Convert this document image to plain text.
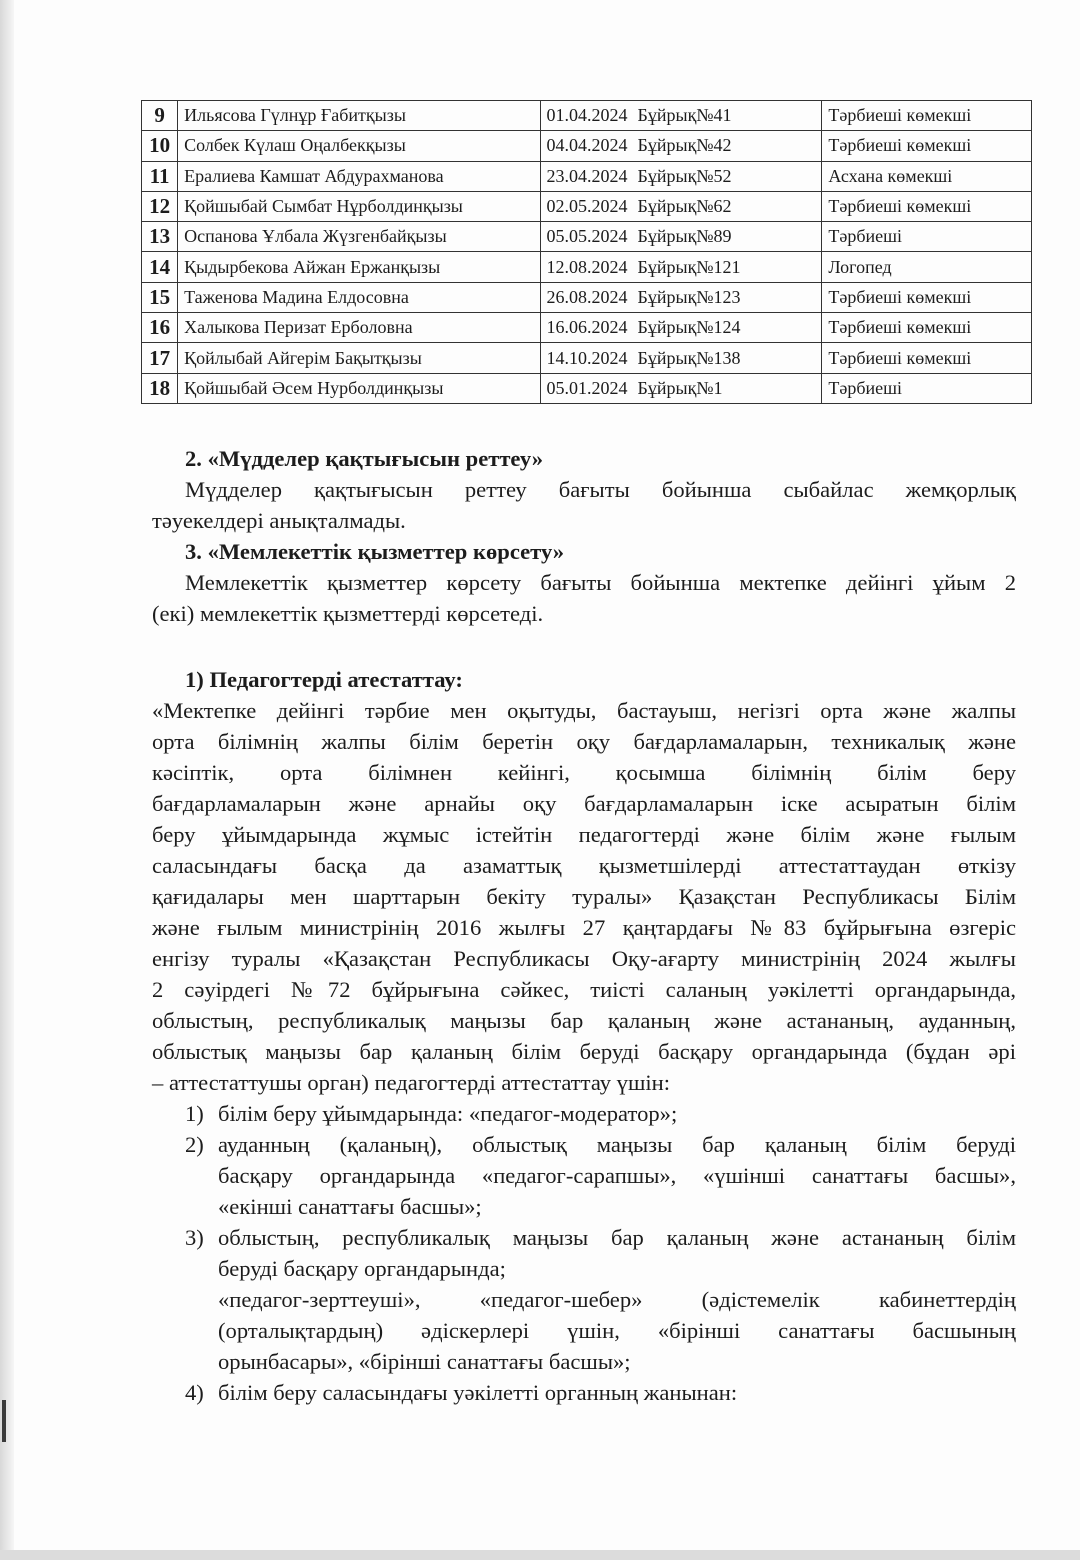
9	Ильясова Гүлнұр Ғабитқызы	01.04.2024 Бұйрық№41	Тәрбиеші көмекші
10	Солбек Күлаш Оңалбекқызы	04.04.2024 Бұйрық№42	Тәрбиеші көмекші
11	Ералиева Камшат Абдурахманова	23.04.2024 Бұйрық№52	Асхана көмекші
12	Қойшыбай Сымбат Нұрболдинқызы	02.05.2024 Бұйрық№62	Тәрбиеші көмекші
13	Оспанова Ұлбала Жүзгенбайқызы	05.05.2024 Бұйрық№89	Тәрбиеші
14	Қыдырбекова Айжан Ержанқызы	12.08.2024 Бұйрық№121	Логопед
15	Таженова Мадина Елдосовна	26.08.2024 Бұйрық№123	Тәрбиеші көмекші
16	Халыкова Перизат Ерболовна	16.06.2024 Бұйрық№124	Тәрбиеші көмекші
17	Қойлыбай Айгерім Бақытқызы	14.10.2024 Бұйрық№138	Тәрбиеші көмекші
18	Қойшыбай Әсем Нурболдинқызы	05.01.2024 Бұйрық№1	Тәрбиеші
2. «Мүдделер қақтығысын реттеу»
Мүдделер қақтығысын реттеу бағыты бойынша сыбайлас жемқорлық
тәуекелдері анықталмады.
3. «Мемлекеттік қызметтер көрсету»
Мемлекеттік қызметтер көрсету бағыты бойынша мектепке дейінгі ұйым 2
(екі) мемлекеттік қызметтерді көрсетеді.
1) Педагогтерді атестаттау:
«Мектепке дейінгі тәрбие мен оқытуды, бастауыш, негізгі орта және жалпы
орта білімнің жалпы білім беретін оқу бағдарламаларын, техникалық және
кәсіптік, орта білімнен кейінгі, қосымша білімнің білім беру
бағдарламаларын және арнайы оқу бағдарламаларын іске асыратын білім
беру ұйымдарында жұмыс істейтін педагогтерді және білім және ғылым
саласындағы басқа да азаматтық қызметшілерді аттестаттаудан өткізу
қағидалары мен шарттарын бекіту туралы» Қазақстан Республикасы Білім
және ғылым министрінің 2016 жылғы 27 қаңтардағы №83 бұйрығына өзгеріс
енгізу туралы «Қазақстан Республикасы Оқу-ағарту министрінің 2024 жылғы
2 сәуірдегі №72 бұйрығына сәйкес, тиісті саланың уәкілетті органдарында,
облыстың, республикалық маңызы бар қаланың және астананың, ауданның,
облыстық маңызы бар қаланың білім беруді басқару органдарында (бұдан әрі
– аттестаттушы орган) педагогтерді аттестаттау үшін:
1) білім беру ұйымдарында: «педагог-модератор»;
2) ауданның (қаланың), облыстық маңызы бар қаланың білім беруді
басқару органдарында «педагог-сарапшы», «үшінші санаттағы басшы»,
«екінші санаттағы басшы»;
3) облыстың, республикалық маңызы бар қаланың және астананың білім
беруді басқару органдарында;
«педагог-зерттеуші», «педагог-шебер» (әдістемелік кабинеттердің
(орталықтардың) әдіскерлері үшін, «бірінші санаттағы басшының
орынбасары», «бірінші санаттағы басшы»;
4) білім беру саласындағы уәкілетті органның жанынан:
